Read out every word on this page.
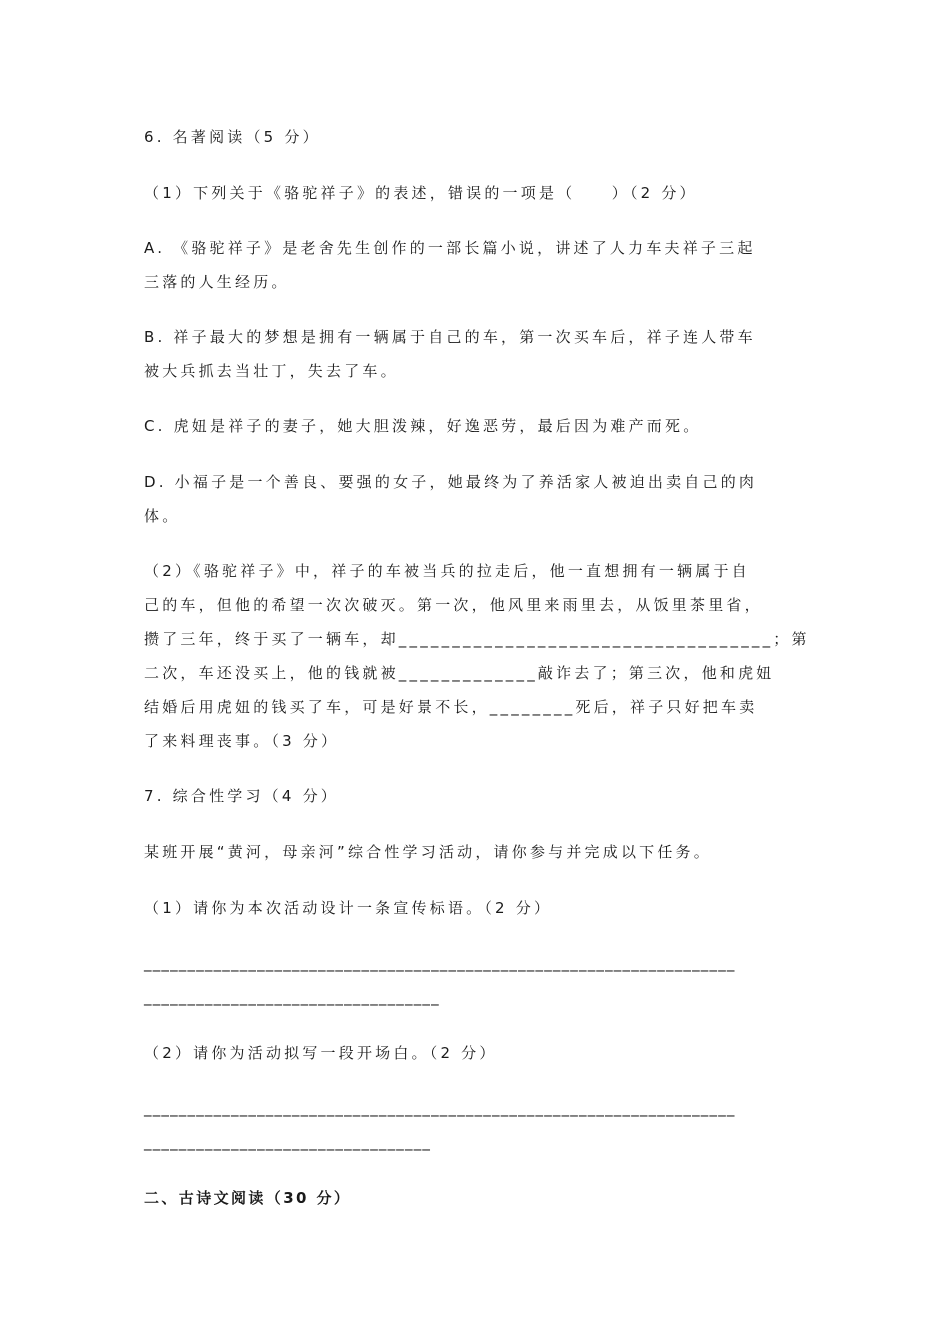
6. 名著阅读（5 分）
（1）下列关于《骆驼祥子》的表述，错误的一项是（　　）（2 分）
A. 《骆驼祥子》是老舍先生创作的一部长篇小说，讲述了人力车夫祥子三起
三落的人生经历。
B. 祥子最大的梦想是拥有一辆属于自己的车，第一次买车后，祥子连人带车
被大兵抓去当壮丁，失去了车。
C. 虎妞是祥子的妻子，她大胆泼辣，好逸恶劳，最后因为难产而死。
D. 小福子是一个善良、要强的女子，她最终为了养活家人被迫出卖自己的肉
体。
（2）《骆驼祥子》中，祥子的车被当兵的拉走后，他一直想拥有一辆属于自
己的车，但他的希望一次次破灭。第一次，他风里来雨里去，从饭里茶里省，
攒了三年，终于买了一辆车，却___________________________________；第
二次，车还没买上，他的钱就被_____________敲诈去了；第三次，他和虎妞
结婚后用虎妞的钱买了车，可是好景不长，________死后，祥子只好把车卖
了来料理丧事。（3 分）
7. 综合性学习（4 分）
某班开展“黄河，母亲河”综合性学习活动，请你参与并完成以下任务。
（1）请你为本次活动设计一条宣传标语。（2 分）
____________________________________________________________________
__________________________________
（2）请你为活动拟写一段开场白。（2 分）
____________________________________________________________________
_________________________________
二、古诗文阅读（30 分）
